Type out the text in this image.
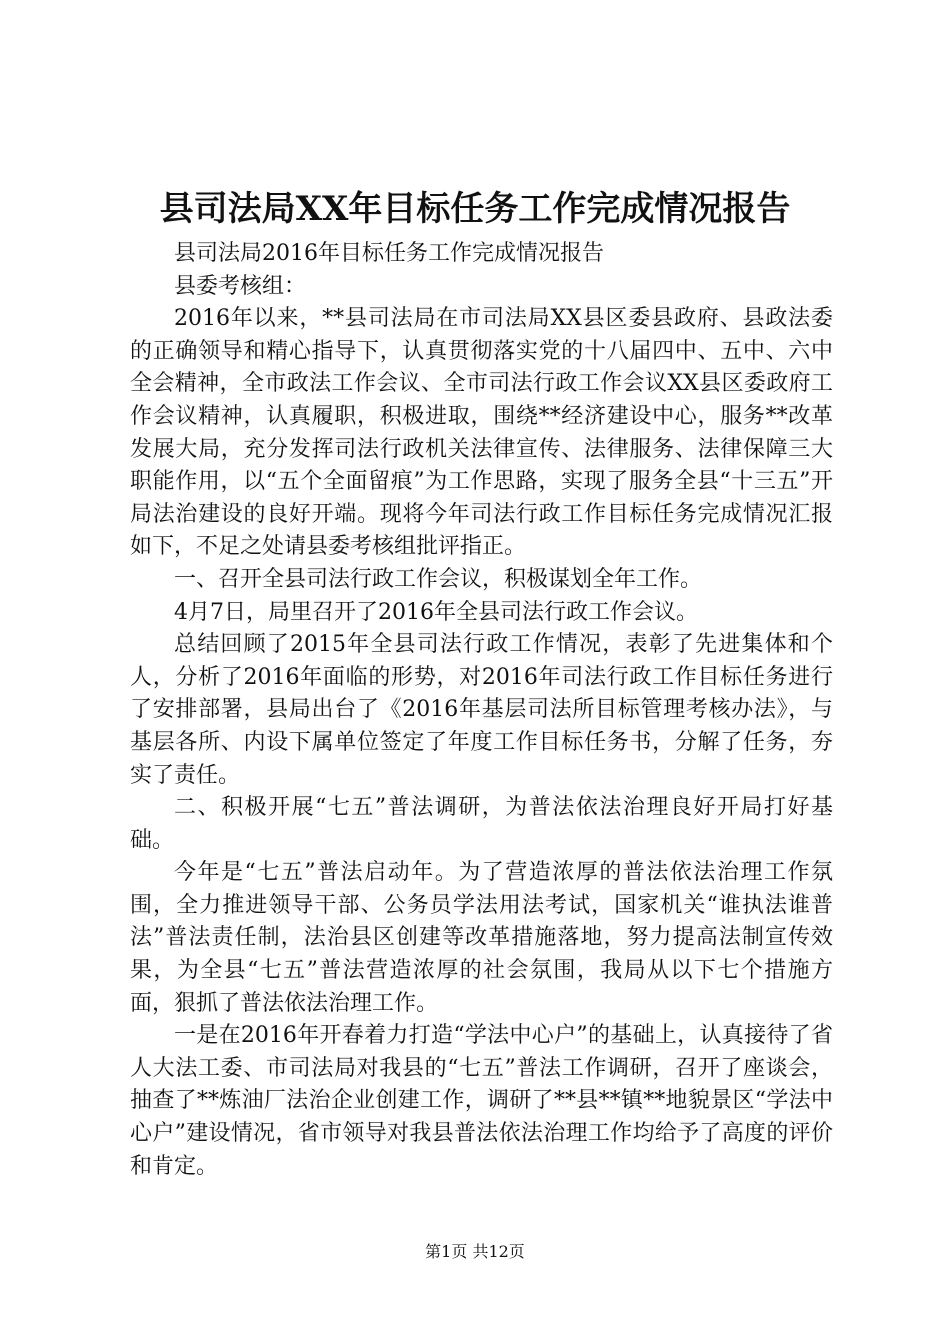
县司法局XX年目标任务工作完成情况报告

县司法局2016年目标任务工作完成情况报告

县委考核组：

2016年以来，**县司法局在市司法局XX县区委县政府、县政法委的正确领导和精心指导下，认真贯彻落实党的十八届四中、五中、六中全会精神，全市政法工作会议、全市司法行政工作会议XX县区委政府工作会议精神，认真履职，积极进取，围绕**经济建设中心，服务**改革发展大局，充分发挥司法行政机关法律宣传、法律服务、法律保障三大职能作用，以“五个全面留痕”为工作思路，实现了服务全县“十三五”开局法治建设的良好开端。现将今年司法行政工作目标任务完成情况汇报如下，不足之处请县委考核组批评指正。

一、召开全县司法行政工作会议，积极谋划全年工作。

4月7日，局里召开了2016年全县司法行政工作会议。

总结回顾了2015年全县司法行政工作情况，表彰了先进集体和个人，分析了2016年面临的形势，对2016年司法行政工作目标任务进行了安排部署，县局出台了《2016年基层司法所目标管理考核办法》，与基层各所、内设下属单位签定了年度工作目标任务书，分解了任务，夯实了责任。

二、积极开展“七五”普法调研，为普法依法治理良好开局打好基础。

今年是“七五”普法启动年。为了营造浓厚的普法依法治理工作氛围，全力推进领导干部、公务员学法用法考试，国家机关“谁执法谁普法”普法责任制，法治县区创建等改革措施落地，努力提高法制宣传效果，为全县“七五”普法营造浓厚的社会氛围，我局从以下七个措施方面，狠抓了普法依法治理工作。

一是在2016年开春着力打造“学法中心户”的基础上，认真接待了省人大法工委、市司法局对我县的“七五”普法工作调研，召开了座谈会，抽查了**炼油厂法治企业创建工作，调研了**县**镇**地貌景区“学法中心户”建设情况，省市领导对我县普法依法治理工作均给予了高度的评价和肯定。

第1页 共12页
